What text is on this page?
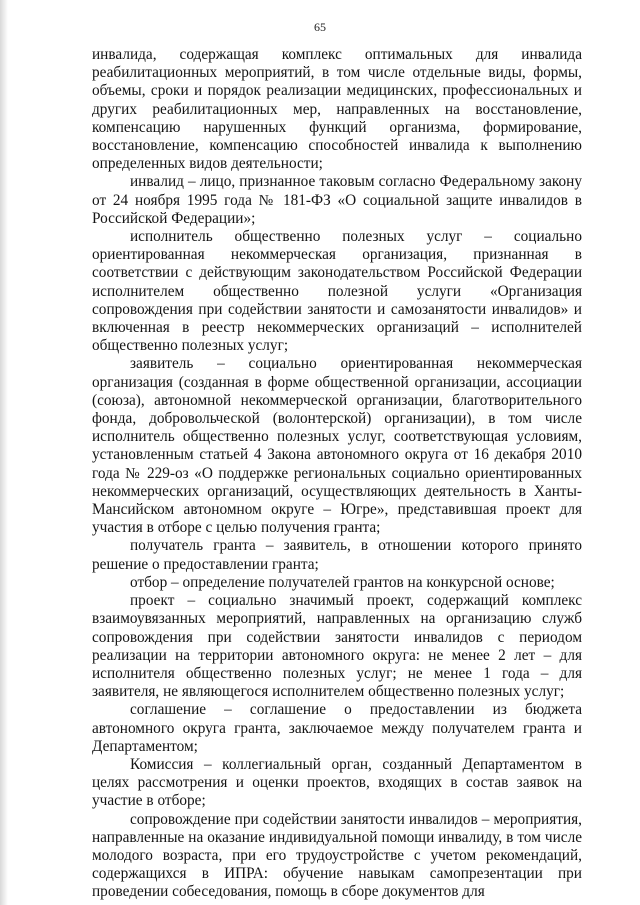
65

инвалида, содержащая комплекс оптимальных для инвалида реабилитационных мероприятий, в том числе отдельные виды, формы, объемы, сроки и порядок реализации медицинских, профессиональных и других реабилитационных мер, направленных на восстановление, компенсацию нарушенных функций организма, формирование, восстановление, компенсацию способностей инвалида к выполнению определенных видов деятельности;

инвалид – лицо, признанное таковым согласно Федеральному закону от 24 ноября 1995 года № 181-ФЗ «О социальной защите инвалидов в Российской Федерации»;

исполнитель общественно полезных услуг – социально ориентированная некоммерческая организация, признанная в соответствии с действующим законодательством Российской Федерации исполнителем общественно полезной услуги «Организация сопровождения при содействии занятости и самозанятости инвалидов» и включенная в реестр некоммерческих организаций – исполнителей общественно полезных услуг;

заявитель – социально ориентированная некоммерческая организация (созданная в форме общественной организации, ассоциации (союза), автономной некоммерческой организации, благотворительного фонда, добровольческой (волонтерской) организации), в том числе исполнитель общественно полезных услуг, соответствующая условиям, установленным статьей 4 Закона автономного округа от 16 декабря 2010 года № 229-оз «О поддержке региональных социально ориентированных некоммерческих организаций, осуществляющих деятельность в Ханты-Мансийском автономном округе – Югре», представившая проект для участия в отборе с целью получения гранта;

получатель гранта – заявитель, в отношении которого принято решение о предоставлении гранта;

отбор – определение получателей грантов на конкурсной основе;

проект – социально значимый проект, содержащий комплекс взаимоувязанных мероприятий, направленных на организацию служб сопровождения при содействии занятости инвалидов с периодом реализации на территории автономного округа: не менее 2 лет – для исполнителя общественно полезных услуг; не менее 1 года – для заявителя, не являющегося исполнителем общественно полезных услуг;

соглашение – соглашение о предоставлении из бюджета автономного округа гранта, заключаемое между получателем гранта и Департаментом;

Комиссия – коллегиальный орган, созданный Департаментом в целях рассмотрения и оценки проектов, входящих в состав заявок на участие в отборе;

сопровождение при содействии занятости инвалидов – мероприятия, направленные на оказание индивидуальной помощи инвалиду, в том числе молодого возраста, при его трудоустройстве с учетом рекомендаций, содержащихся в ИПРА: обучение навыкам самопрезентации при проведении собеседования, помощь в сборе документов для
